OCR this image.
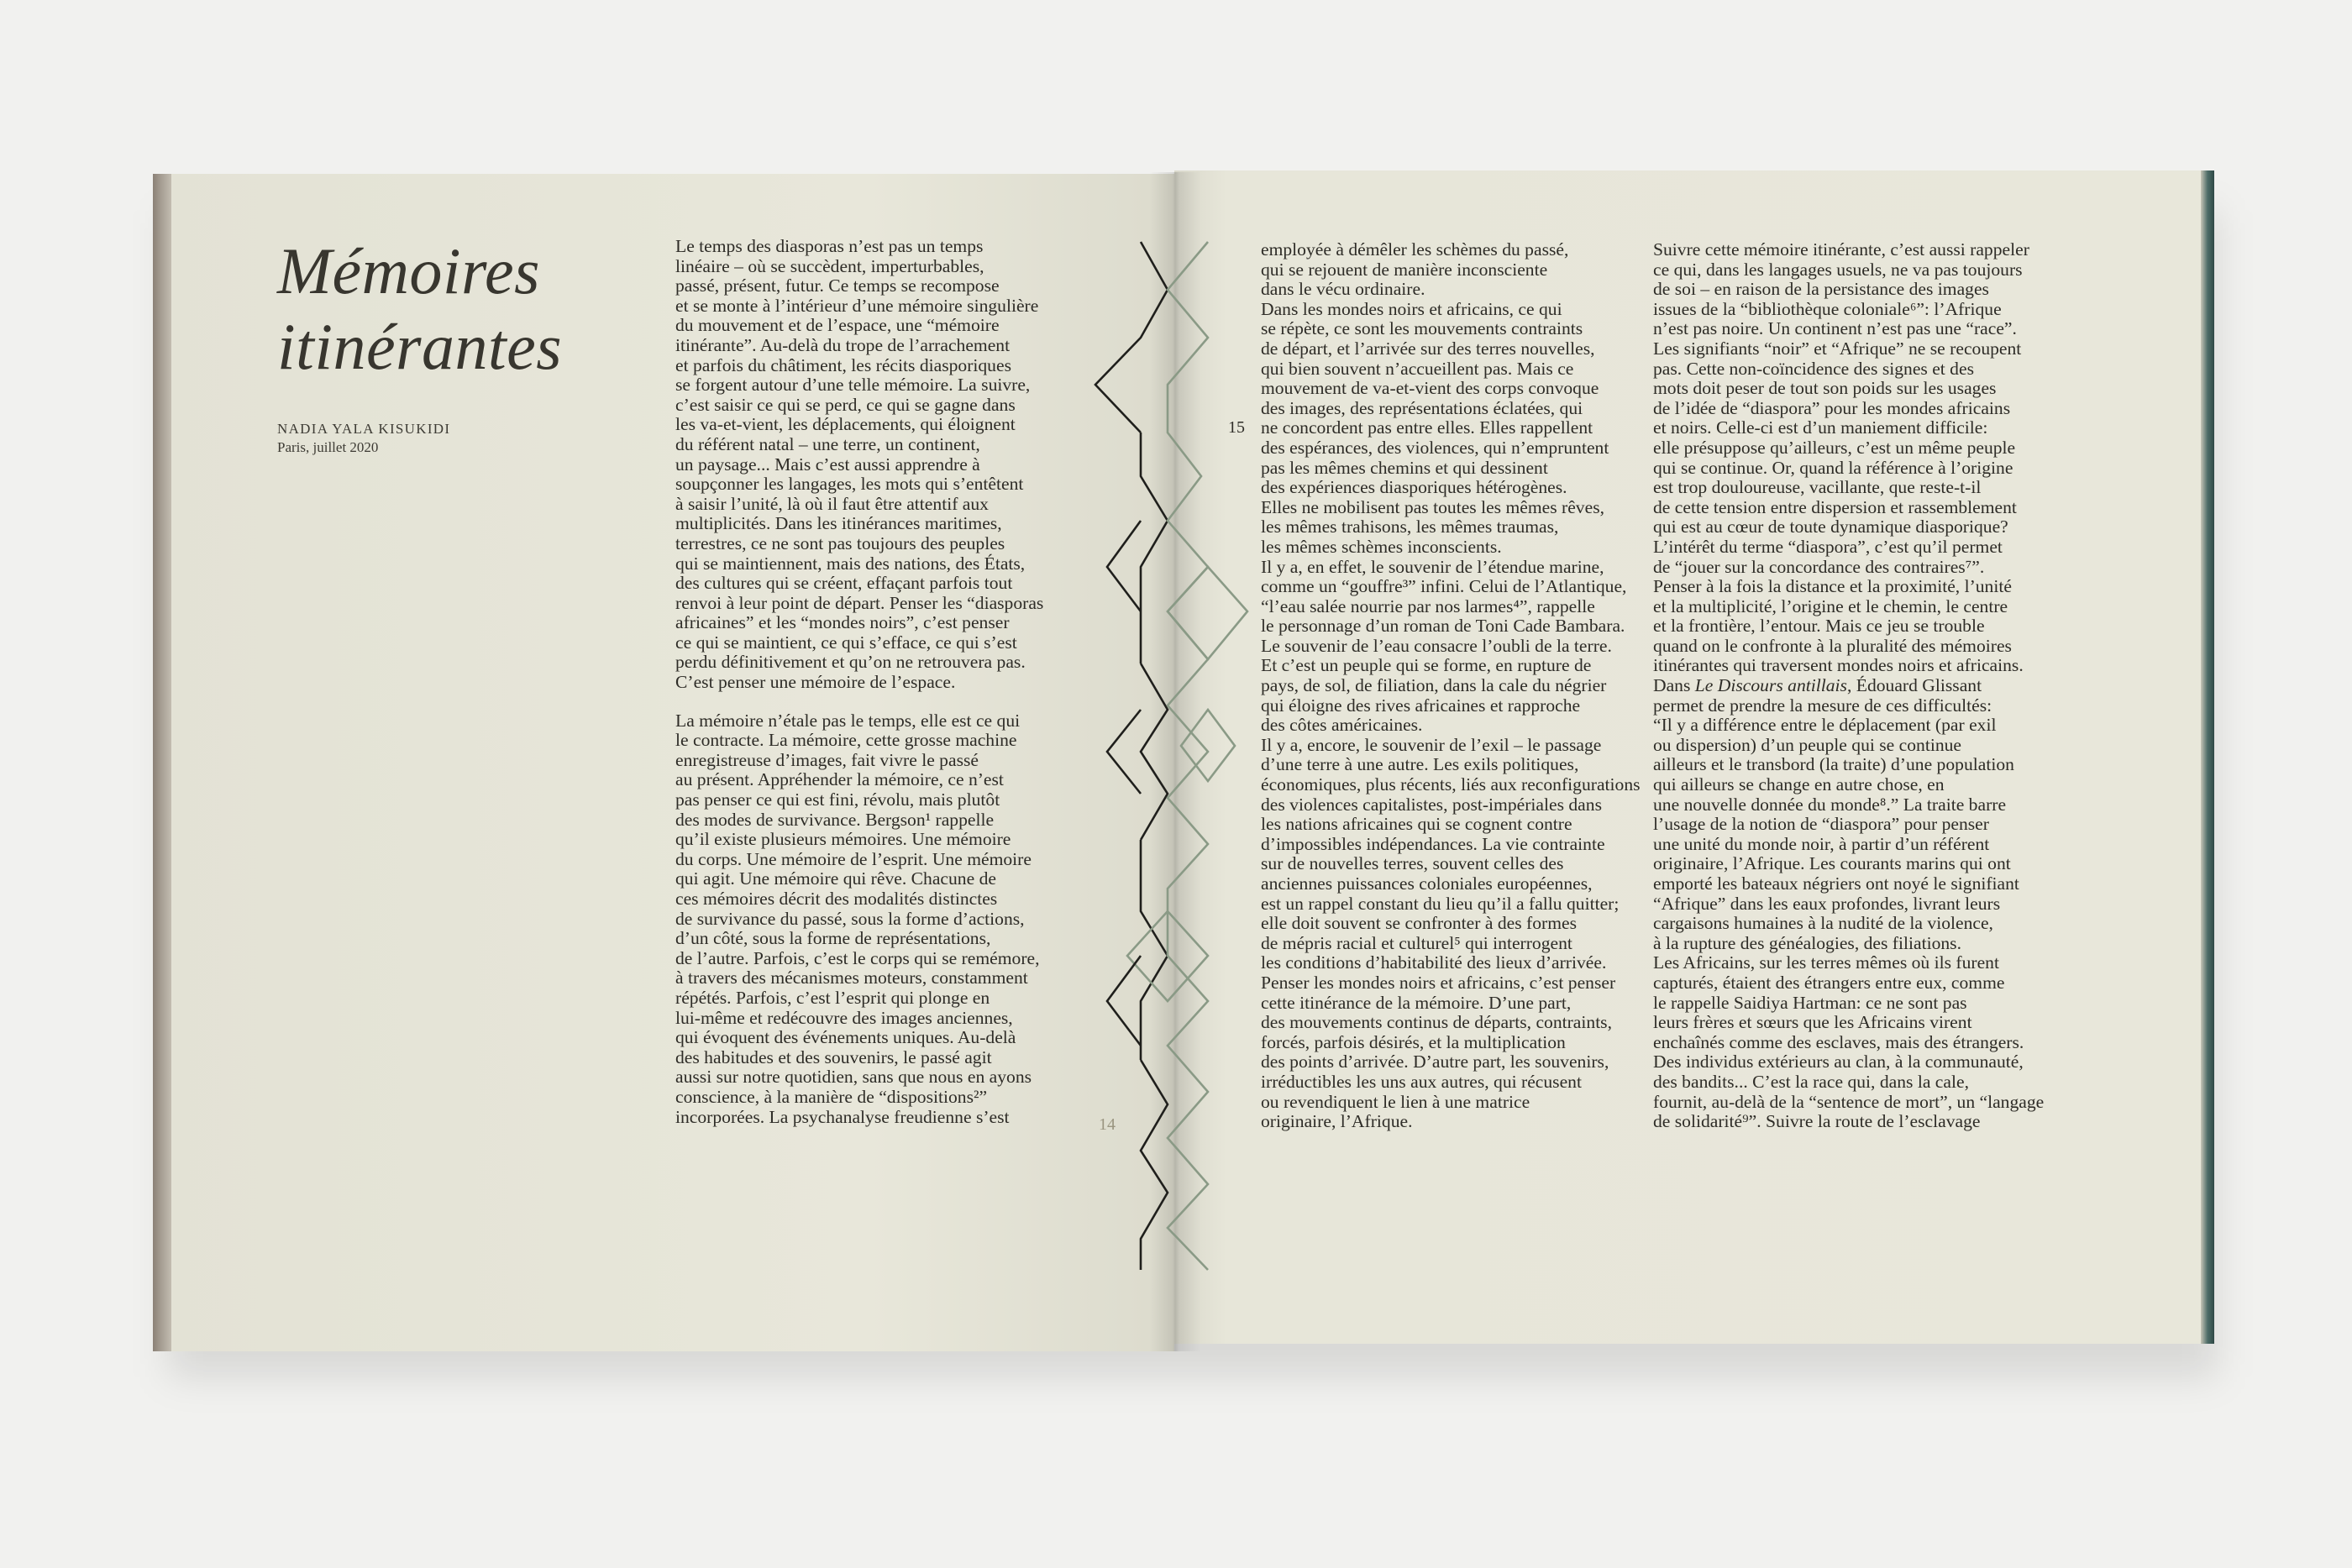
Mémoires
itinérantes
NADIA YALA KISUKIDI
Paris, juillet 2020
Le temps des diasporas n’est pas un temps
linéaire – où se succèdent, imperturbables,
passé, présent, futur. Ce temps se recompose
et se monte à l’intérieur d’une mémoire singulière
du mouvement et de l’espace, une “mémoire
itinérante”. Au-delà du trope de l’arrachement
et parfois du châtiment, les récits diasporiques
se forgent autour d’une telle mémoire. La suivre,
c’est saisir ce qui se perd, ce qui se gagne dans
les va-et-vient, les déplacements, qui éloignent
du référent natal – une terre, un continent,
un paysage... Mais c’est aussi apprendre à
soupçonner les langages, les mots qui s’entêtent
à saisir l’unité, là où il faut être attentif aux
multiplicités. Dans les itinérances maritimes,
terrestres, ce ne sont pas toujours des peuples
qui se maintiennent, mais des nations, des États,
des cultures qui se créent, effaçant parfois tout
renvoi à leur point de départ. Penser les “diasporas
africaines” et les “mondes noirs”, c’est penser
ce qui se maintient, ce qui s’efface, ce qui s’est
perdu définitivement et qu’on ne retrouvera pas.
C’est penser une mémoire de l’espace.
La mémoire n’étale pas le temps, elle est ce qui
le contracte. La mémoire, cette grosse machine
enregistreuse d’images, fait vivre le passé
au présent. Appréhender la mémoire, ce n’est
pas penser ce qui est fini, révolu, mais plutôt
des modes de survivance. Bergson¹ rappelle
qu’il existe plusieurs mémoires. Une mémoire
du corps. Une mémoire de l’esprit. Une mémoire
qui agit. Une mémoire qui rêve. Chacune de
ces mémoires décrit des modalités distinctes
de survivance du passé, sous la forme d’actions,
d’un côté, sous la forme de représentations,
de l’autre. Parfois, c’est le corps qui se remémore,
à travers des mécanismes moteurs, constamment
répétés. Parfois, c’est l’esprit qui plonge en
lui-même et redécouvre des images anciennes,
qui évoquent des événements uniques. Au-delà
des habitudes et des souvenirs, le passé agit
aussi sur notre quotidien, sans que nous en ayons
conscience, à la manière de “dispositions²”
incorporées. La psychanalyse freudienne s’est
employée à démêler les schèmes du passé,
qui se rejouent de manière inconsciente
dans le vécu ordinaire.
Dans les mondes noirs et africains, ce qui
se répète, ce sont les mouvements contraints
de départ, et l’arrivée sur des terres nouvelles,
qui bien souvent n’accueillent pas. Mais ce
mouvement de va-et-vient des corps convoque
des images, des représentations éclatées, qui
ne concordent pas entre elles. Elles rappellent
des espérances, des violences, qui n’empruntent
pas les mêmes chemins et qui dessinent
des expériences diasporiques hétérogènes.
Elles ne mobilisent pas toutes les mêmes rêves,
les mêmes trahisons, les mêmes traumas,
les mêmes schèmes inconscients.
Il y a, en effet, le souvenir de l’étendue marine,
comme un “gouffre³” infini. Celui de l’Atlantique,
“l’eau salée nourrie par nos larmes⁴”, rappelle
le personnage d’un roman de Toni Cade Bambara.
Le souvenir de l’eau consacre l’oubli de la terre.
Et c’est un peuple qui se forme, en rupture de
pays, de sol, de filiation, dans la cale du négrier
qui éloigne des rives africaines et rapproche
des côtes américaines.
Il y a, encore, le souvenir de l’exil – le passage
d’une terre à une autre. Les exils politiques,
économiques, plus récents, liés aux reconfigurations
des violences capitalistes, post-impériales dans
les nations africaines qui se cognent contre
d’impossibles indépendances. La vie contrainte
sur de nouvelles terres, souvent celles des
anciennes puissances coloniales européennes,
est un rappel constant du lieu qu’il a fallu quitter;
elle doit souvent se confronter à des formes
de mépris racial et culturel⁵ qui interrogent
les conditions d’habitabilité des lieux d’arrivée.
Penser les mondes noirs et africains, c’est penser
cette itinérance de la mémoire. D’une part,
des mouvements continus de départs, contraints,
forcés, parfois désirés, et la multiplication
des points d’arrivée. D’autre part, les souvenirs,
irréductibles les uns aux autres, qui récusent
ou revendiquent le lien à une matrice
originaire, l’Afrique.
Suivre cette mémoire itinérante, c’est aussi rappeler
ce qui, dans les langages usuels, ne va pas toujours
de soi – en raison de la persistance des images
issues de la “bibliothèque coloniale⁶”: l’Afrique
n’est pas noire. Un continent n’est pas une “race”.
Les signifiants “noir” et “Afrique” ne se recoupent
pas. Cette non-coïncidence des signes et des
mots doit peser de tout son poids sur les usages
de l’idée de “diaspora” pour les mondes africains
et noirs. Celle-ci est d’un maniement difficile:
elle présuppose qu’ailleurs, c’est un même peuple
qui se continue. Or, quand la référence à l’origine
est trop douloureuse, vacillante, que reste-t-il
de cette tension entre dispersion et rassemblement
qui est au cœur de toute dynamique diasporique?
L’intérêt du terme “diaspora”, c’est qu’il permet
de “jouer sur la concordance des contraires⁷”.
Penser à la fois la distance et la proximité, l’unité
et la multiplicité, l’origine et le chemin, le centre
et la frontière, l’entour. Mais ce jeu se trouble
quand on le confronte à la pluralité des mémoires
itinérantes qui traversent mondes noirs et africains.
Dans Le Discours antillais, Édouard Glissant
permet de prendre la mesure de ces difficultés:
“Il y a différence entre le déplacement (par exil
ou dispersion) d’un peuple qui se continue
ailleurs et le transbord (la traite) d’une population
qui ailleurs se change en autre chose, en
une nouvelle donnée du monde⁸.” La traite barre
l’usage de la notion de “diaspora” pour penser
une unité du monde noir, à partir d’un référent
originaire, l’Afrique. Les courants marins qui ont
emporté les bateaux négriers ont noyé le signifiant
“Afrique” dans les eaux profondes, livrant leurs
cargaisons humaines à la nudité de la violence,
à la rupture des généalogies, des filiations.
Les Africains, sur les terres mêmes où ils furent
capturés, étaient des étrangers entre eux, comme
le rappelle Saidiya Hartman: ce ne sont pas
leurs frères et sœurs que les Africains virent
enchaînés comme des esclaves, mais des étrangers.
Des individus extérieurs au clan, à la communauté,
des bandits... C’est la race qui, dans la cale,
fournit, au-delà de la “sentence de mort”, un “langage
de solidarité⁹”. Suivre la route de l’esclavage
14
15
